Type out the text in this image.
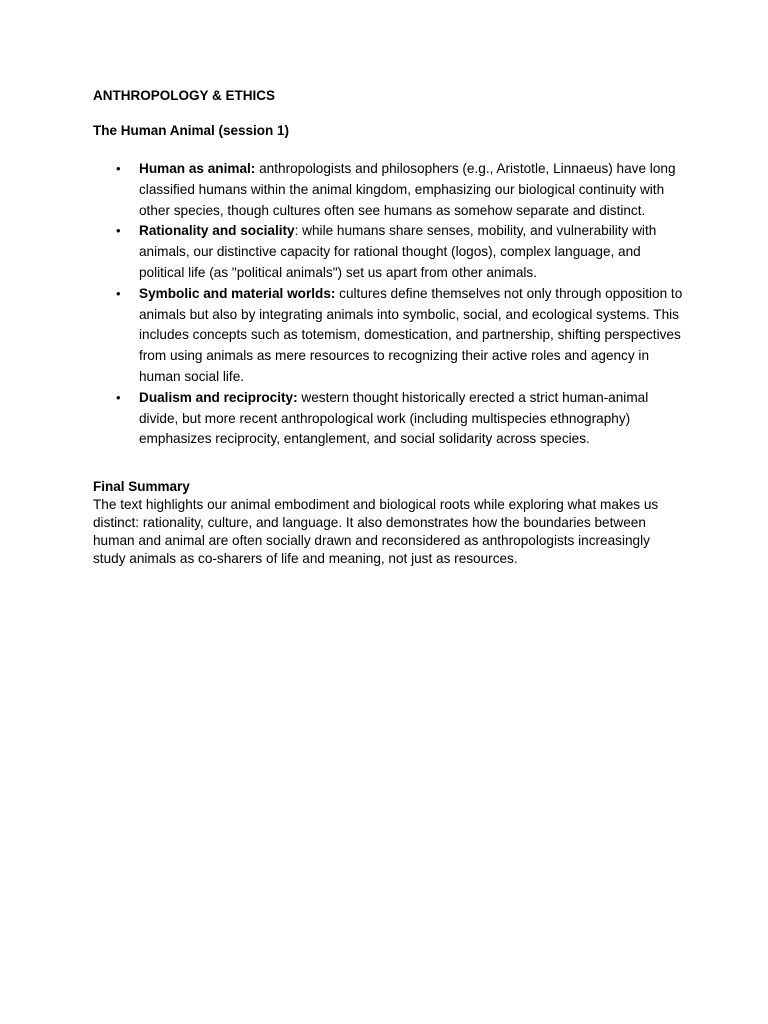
ANTHROPOLOGY & ETHICS
The Human Animal (session 1)
• Human as animal: anthropologists and philosophers (e.g., Aristotle, Linnaeus) have long classified humans within the animal kingdom, emphasizing our biological continuity with other species, though cultures often see humans as somehow separate and distinct.
• Rationality and sociality: while humans share senses, mobility, and vulnerability with animals, our distinctive capacity for rational thought (logos), complex language, and political life (as "political animals") set us apart from other animals.
• Symbolic and material worlds: cultures define themselves not only through opposition to animals but also by integrating animals into symbolic, social, and ecological systems. This includes concepts such as totemism, domestication, and partnership, shifting perspectives from using animals as mere resources to recognizing their active roles and agency in human social life.
• Dualism and reciprocity: western thought historically erected a strict human-animal divide, but more recent anthropological work (including multispecies ethnography) emphasizes reciprocity, entanglement, and social solidarity across species.
Final Summary

The text highlights our animal embodiment and biological roots while exploring what makes us distinct: rationality, culture, and language. It also demonstrates how the boundaries between human and animal are often socially drawn and reconsidered as anthropologists increasingly study animals as co-sharers of life and meaning, not just as resources.
